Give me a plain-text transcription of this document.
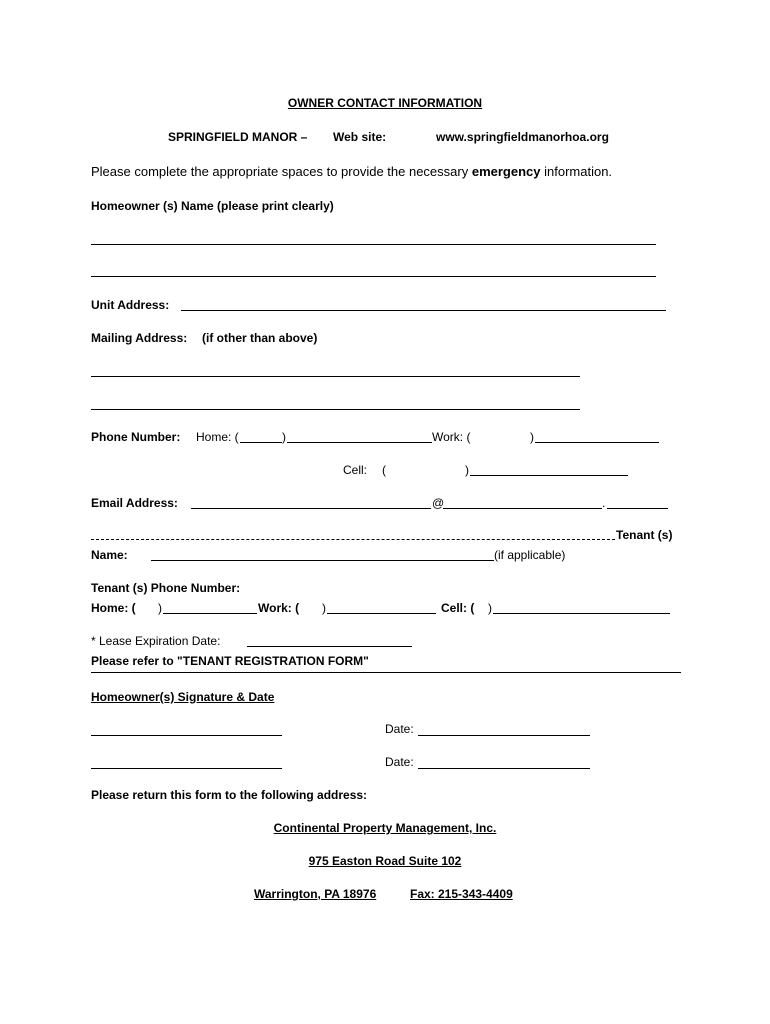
OWNER CONTACT INFORMATION
SPRINGFIELD MANOR – Web site:	www.springfieldmanorhoa.org
Please complete the appropriate spaces to provide the necessary emergency information.
Homeowner (s) Name (please print clearly)
Unit Address:
Mailing Address: (if other than above)
Phone Number: Home: (	)	Work: (	)
Cell: (	)
Email Address:	@	.
Tenant (s)
Name:	(if applicable)
Tenant (s) Phone Number:
Home: ( )	Work: ( )	Cell: ( )
* Lease Expiration Date:
Please refer to "TENANT REGISTRATION FORM"
Homeowner(s) Signature & Date
Date:
Date:
Please return this form to the following address:
Continental Property Management, Inc.
975 Easton Road Suite 102
Warrington, PA 18976	Fax: 215-343-4409
